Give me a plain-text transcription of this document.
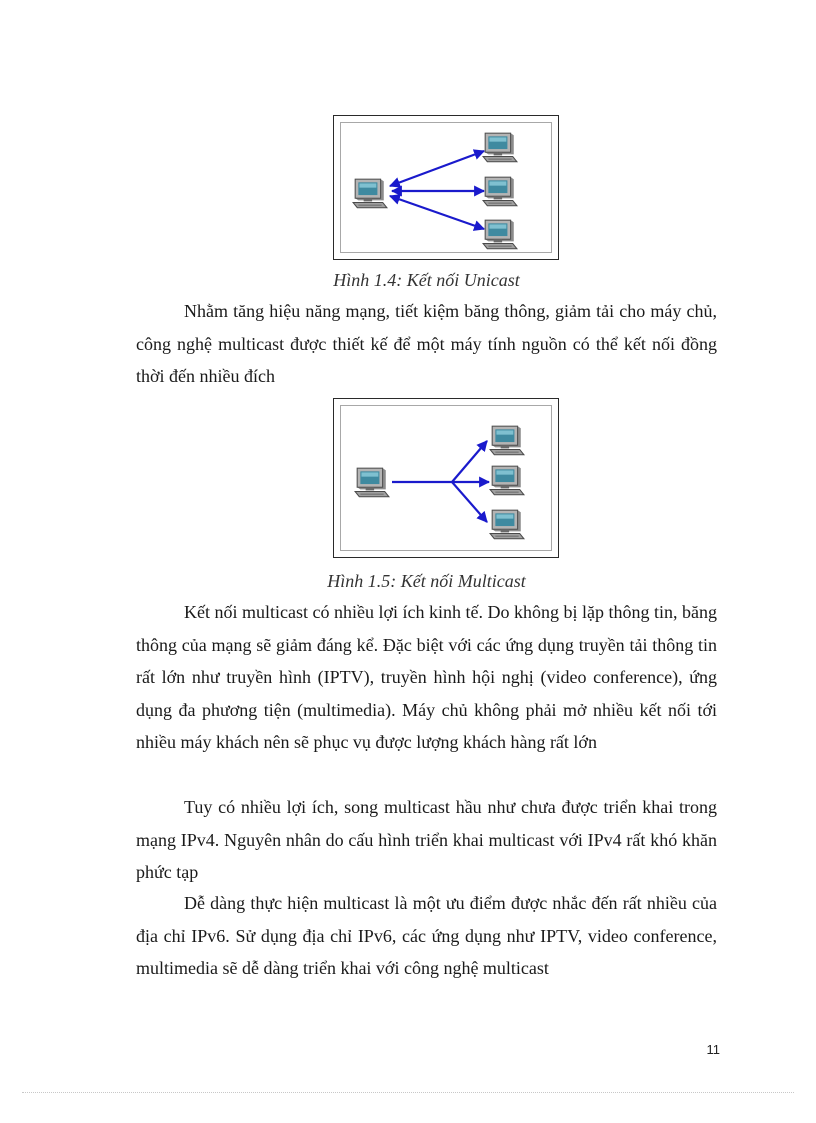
Hình 1.4: Kết nối Unicast

Nhằm tăng hiệu năng mạng, tiết kiệm băng thông, giảm tải cho máy chủ, công nghệ multicast được thiết kế để một máy tính nguồn có thể kết nối đồng thời đến nhiều đích

Hình 1.5: Kết nối Multicast

Kết nối multicast có nhiều lợi ích kinh tế. Do không bị lặp thông tin, băng thông của mạng sẽ giảm đáng kể. Đặc biệt với các ứng dụng truyền tải thông tin rất lớn như truyền hình (IPTV), truyền hình hội nghị (video conference), ứng dụng đa phương tiện (multimedia). Máy chủ không phải mở nhiều kết nối tới nhiều máy khách nên sẽ phục vụ được lượng khách hàng rất lớn

Tuy có nhiều lợi ích, song multicast hầu như chưa được triển khai trong mạng IPv4. Nguyên nhân do cấu hình triển khai multicast với IPv4 rất khó khăn phức tạp

Dễ dàng thực hiện multicast là một ưu điểm được nhắc đến rất nhiều của địa chỉ IPv6. Sử dụng địa chỉ IPv6, các ứng dụng như IPTV, video conference, multimedia sẽ dễ dàng triển khai với công nghệ multicast

11
